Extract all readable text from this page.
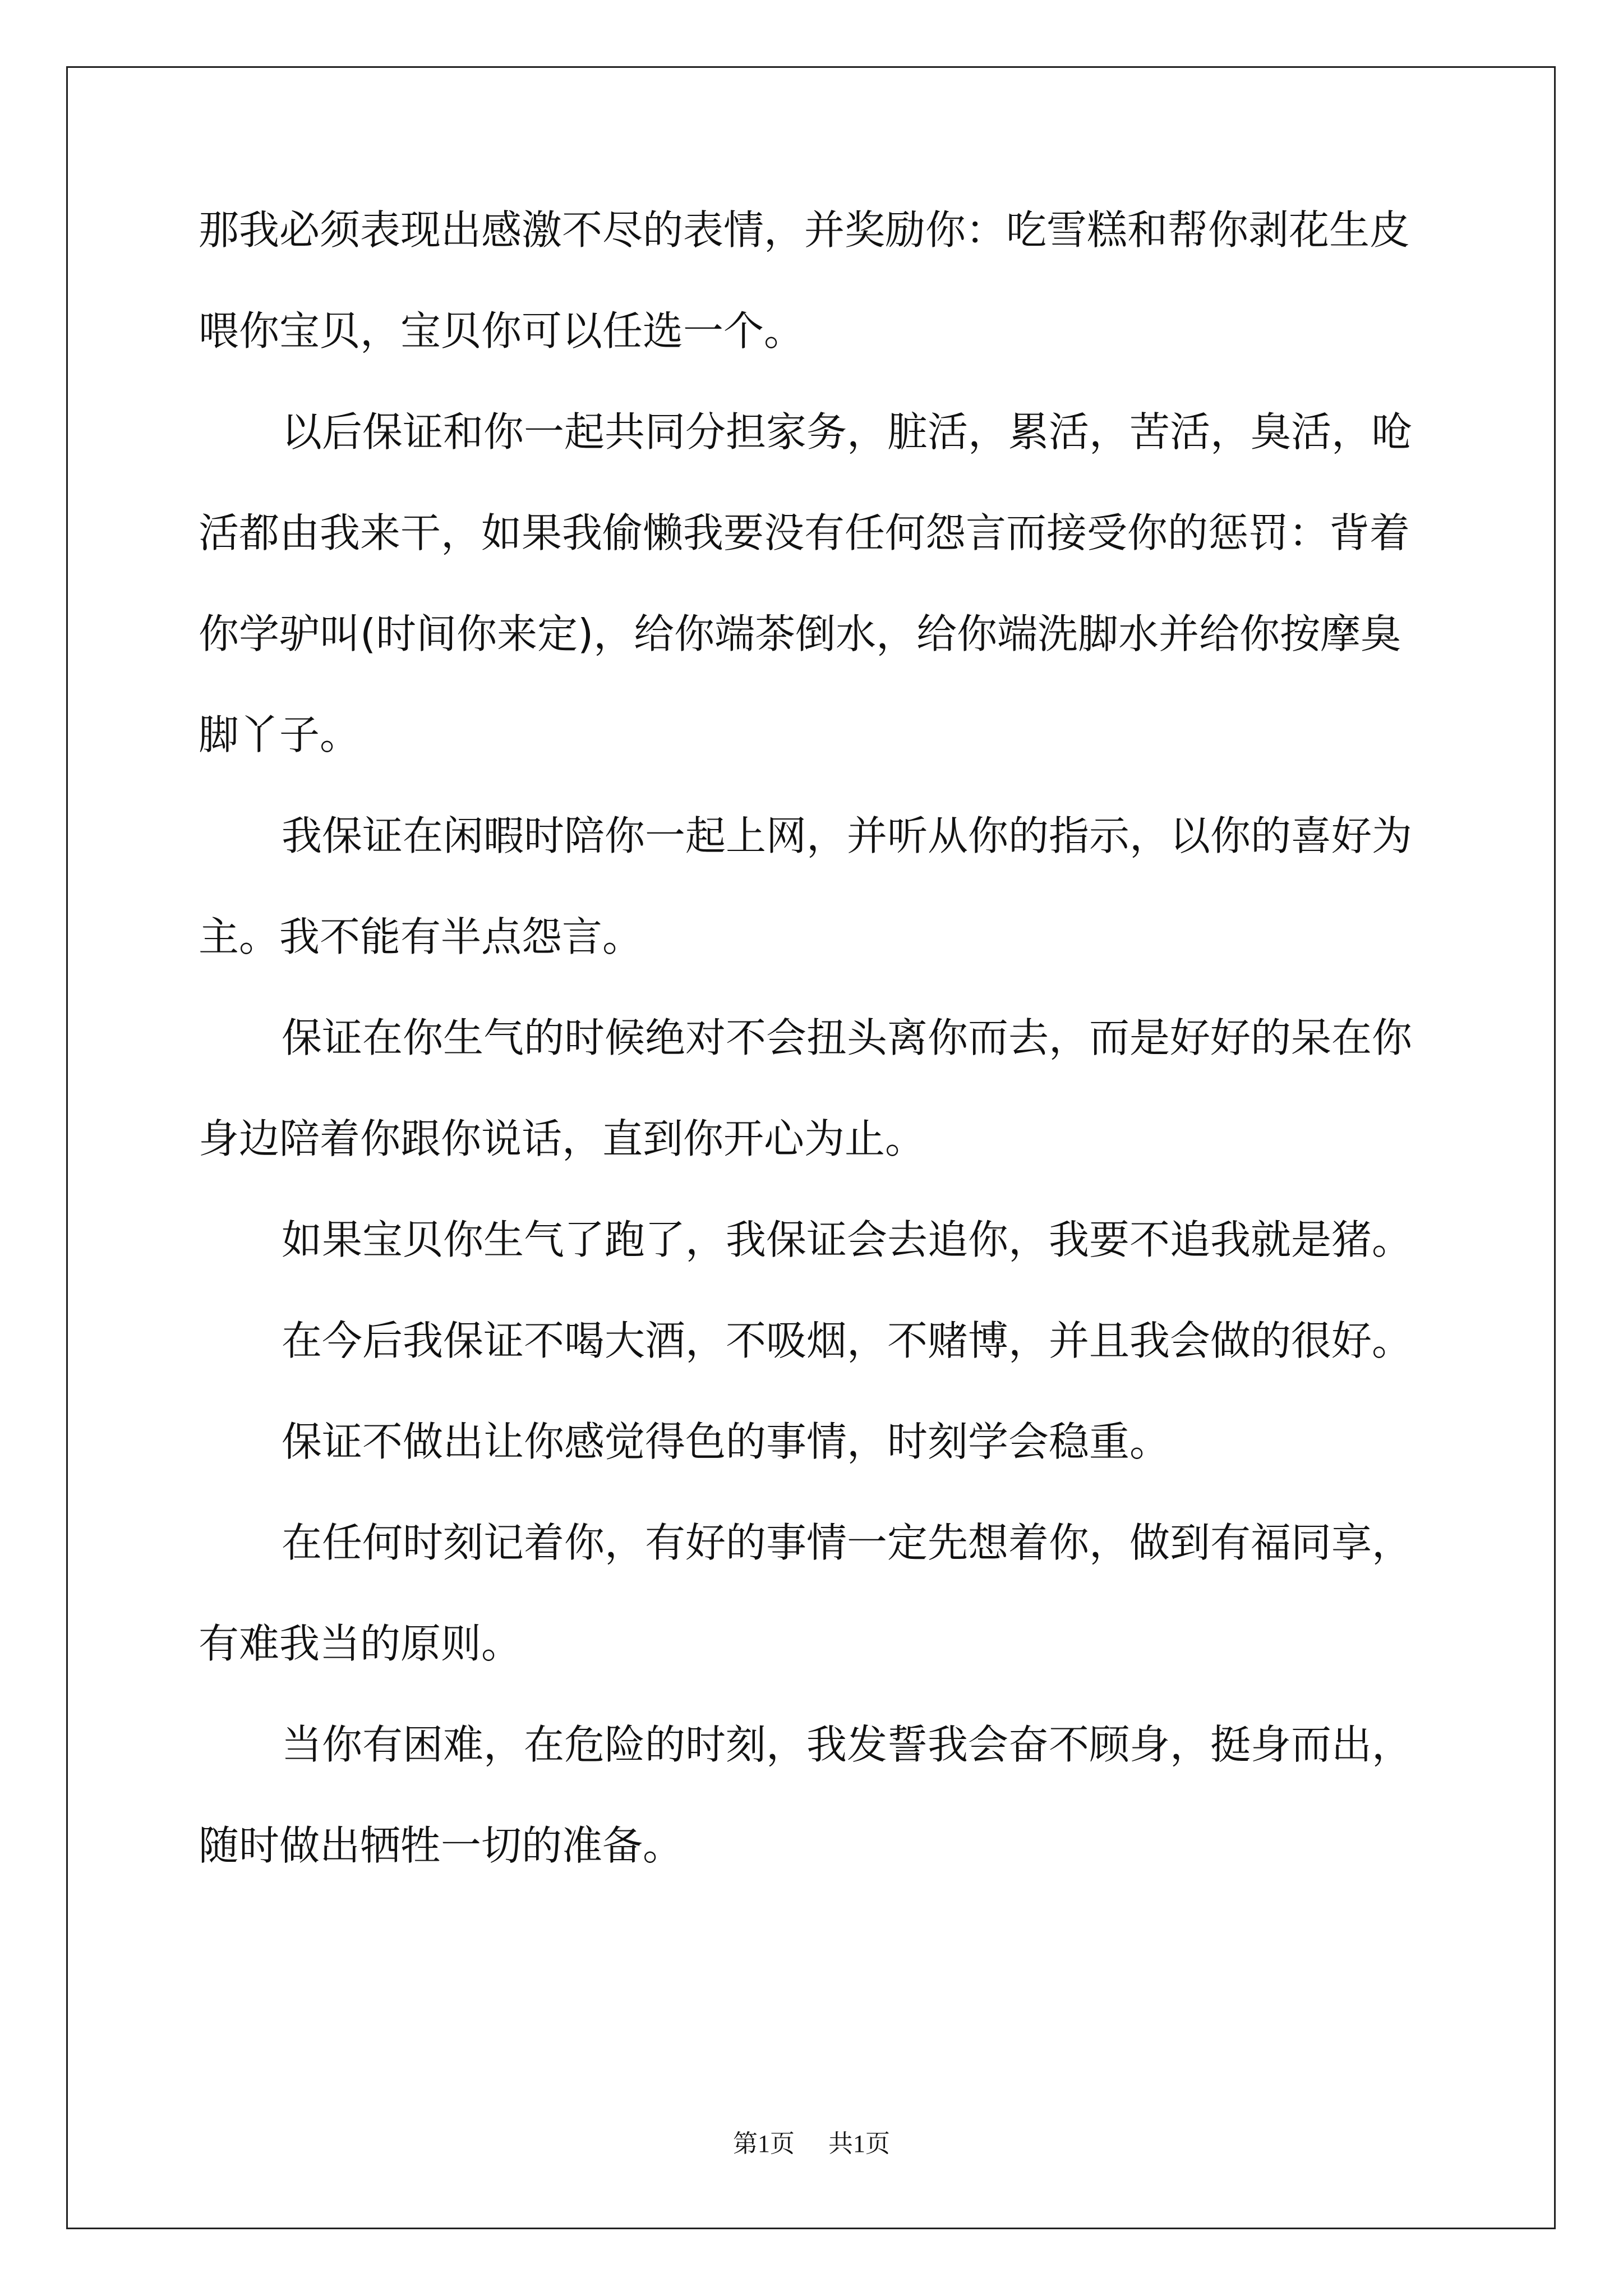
那我必须表现出感激不尽的表情，并奖励你：吃雪糕和帮你剥花生皮
喂你宝贝，宝贝你可以任选一个。
以后保证和你一起共同分担家务，脏活，累活，苦活，臭活，呛
活都由我来干，如果我偷懒我要没有任何怨言而接受你的惩罚：背着
你学驴叫(时间你来定)，给你端茶倒水，给你端洗脚水并给你按摩臭
脚丫子。
我保证在闲暇时陪你一起上网，并听从你的指示，以你的喜好为
主。我不能有半点怨言。
保证在你生气的时候绝对不会扭头离你而去，而是好好的呆在你
身边陪着你跟你说话，直到你开心为止。
如果宝贝你生气了跑了，我保证会去追你，我要不追我就是猪。
在今后我保证不喝大酒，不吸烟，不赌博，并且我会做的很好。
保证不做出让你感觉得色的事情，时刻学会稳重。
在任何时刻记着你，有好的事情一定先想着你，做到有福同享，
有难我当的原则。
当你有困难，在危险的时刻，我发誓我会奋不顾身，挺身而出，
随时做出牺牲一切的准备。
第1页 共1页
